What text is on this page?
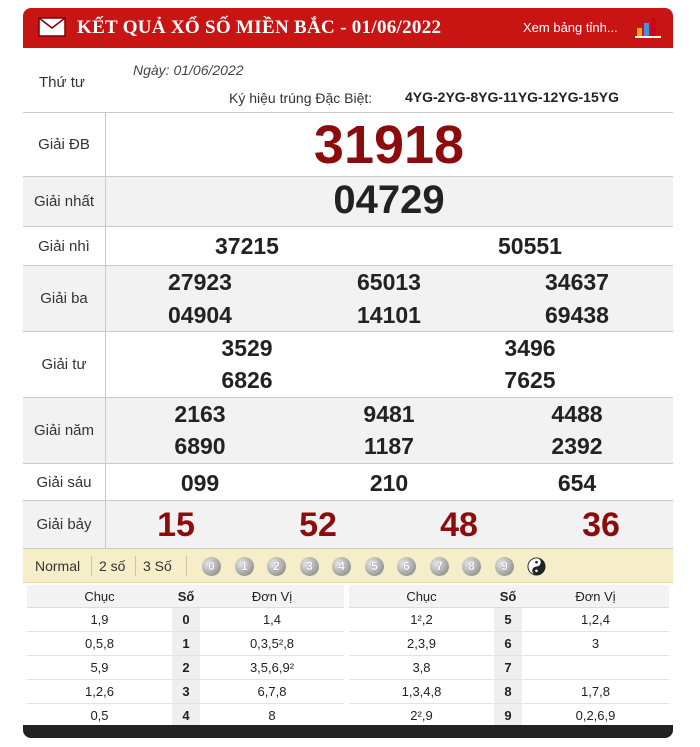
KẾT QUẢ XỔ SỐ MIỀN BẮC - 01/06/2022	Xem bảng tỉnh...
Thứ tư
Ngày: 01/06/2022
Ký hiệu trúng Đặc Biệt: 4YG-2YG-8YG-11YG-12YG-15YG
Giải ĐB	31918
Giải nhất	04729
Giải nhì	37215	50551
Giải ba
27923	65013	34637
04904	14101	69438
Giải tư
3529	3496
6826	7625
Giải năm
2163	9481	4488
6890	1187	2392
Giải sáu	099	210	654
Giải bảy	15	52	48	36
Normal 2 số 3 Số	0	1	2	3	4	5	6	7	8	9
Chục	Số	Đơn Vị
1,9	0	1,4
0,5,8	1	0,3,5²,8
5,9	2	3,5,6,9²
1,2,6	3	6,7,8
0,5	4	8
Chục	Số	Đơn Vị
1²,2	5	1,2,4
2,3,9	6	3
3,8	7	
1,3,4,8	8	1,7,8
2²,9	9	0,2,6,9
